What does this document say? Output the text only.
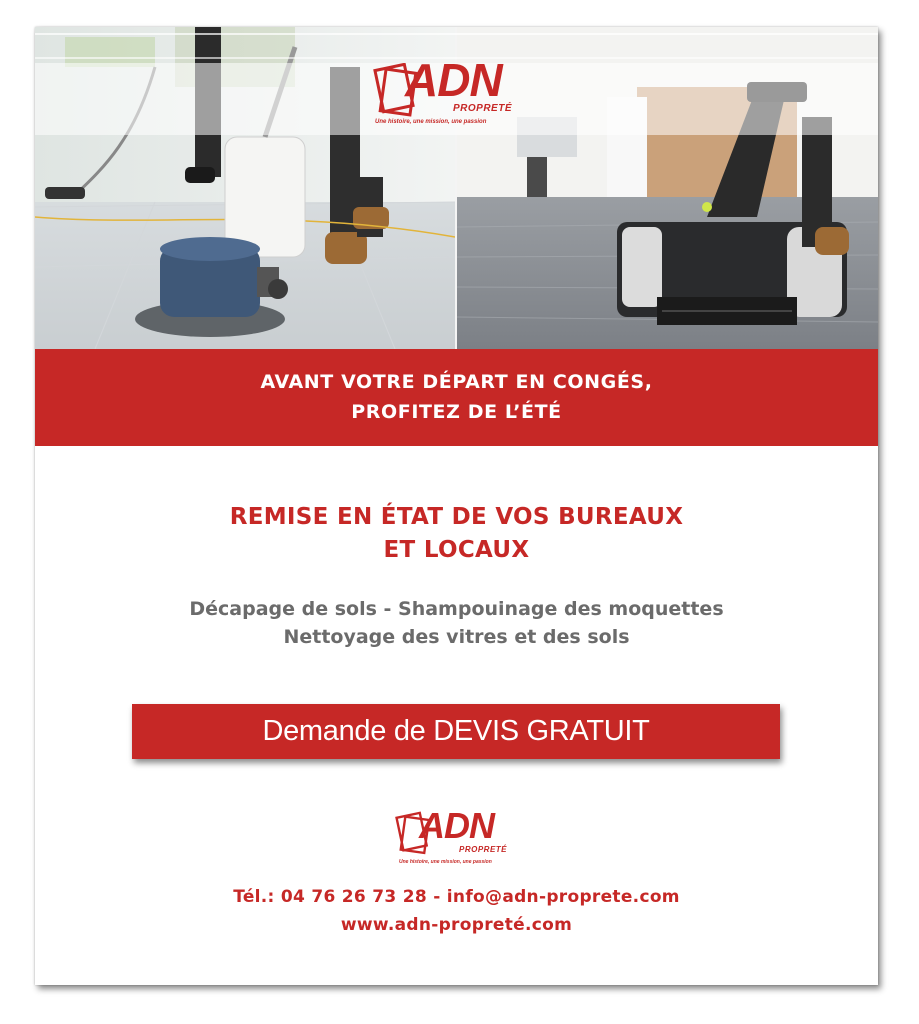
ADN
PROPRETÉ
Une histoire, une mission, une passion
AVANT VOTRE DÉPART EN CONGÉS,
PROFITEZ DE L’ÉTÉ
REMISE EN ÉTAT DE VOS BUREAUX
ET LOCAUX
Décapage de sols - Shampouinage des moquettes
Nettoyage des vitres et des sols
Demande de DEVIS GRATUIT
ADN
PROPRETÉ
Une histoire, une mission, une passion
Tél.: 04 76 26 73 28 - info@adn-proprete.com
www.adn-propreté.com
